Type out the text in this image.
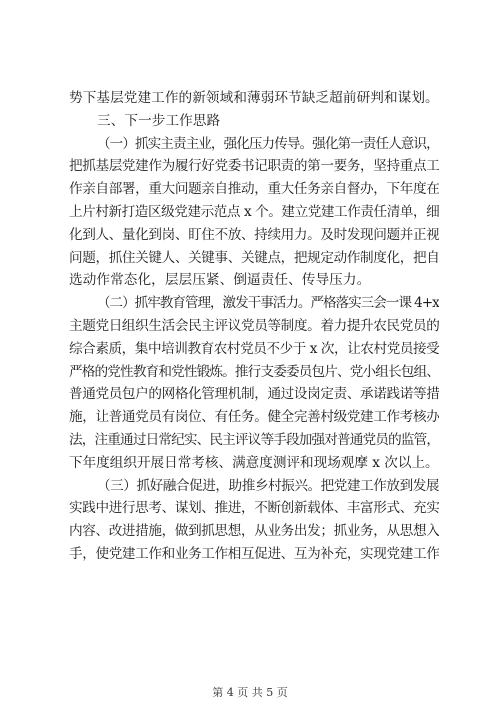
势下基层党建工作的新领域和薄弱环节缺乏超前研判和谋划。
三、下一步工作思路
（一）抓实主责主业，强化压力传导。强化第一责任人意识，
把抓基层党建作为履行好党委书记职责的第一要务，坚持重点工
作亲自部署，重大问题亲自推动，重大任务亲自督办，下年度在
上片村新打造区级党建示范点 x 个。建立党建工作责任清单，细
化到人、量化到岗、盯住不放、持续用力。及时发现问题并正视
问题，抓住关键人、关键事、关键点，把规定动作制度化，把自
选动作常态化，层层压紧、倒逼责任、传导压力。
（二）抓牢教育管理，激发干事活力。严格落实三会一课 4+x
主题党日组织生活会民主评议党员等制度。着力提升农民党员的
综合素质，集中培训教育农村党员不少于 x 次，让农村党员接受
严格的党性教育和党性锻炼。推行支委委员包片、党小组长包组、
普通党员包户的网格化管理机制，通过设岗定责、承诺践诺等措
施，让普通党员有岗位、有任务。健全完善村级党建工作考核办
法，注重通过日常纪实、民主评议等手段加强对普通党员的监管，
下年度组织开展日常考核、满意度测评和现场观摩 x 次以上。
（三）抓好融合促进，助推乡村振兴。把党建工作放到发展
实践中进行思考、谋划、推进，不断创新载体、丰富形式、充实
内容、改进措施，做到抓思想，从业务出发；抓业务，从思想入
手，使党建工作和业务工作相互促进、互为补充，实现党建工作
第 4 页 共 5 页
